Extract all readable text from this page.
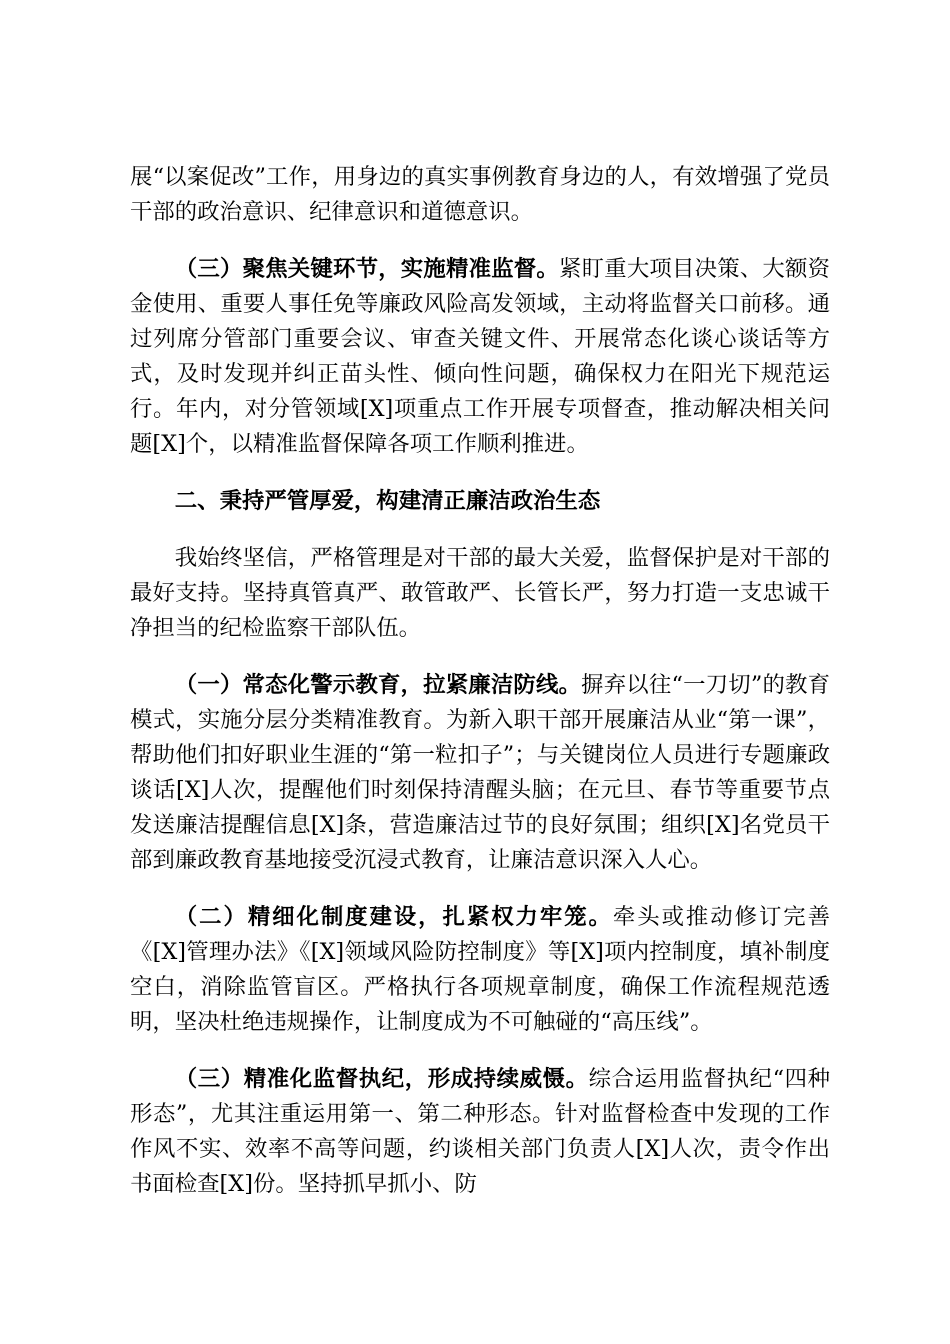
展“以案促改”工作，用身边的真实事例教育身边的人，有效增强了党员干部的政治意识、纪律意识和道德意识。

（三）聚焦关键环节，实施精准监督。紧盯重大项目决策、大额资金使用、重要人事任免等廉政风险高发领域，主动将监督关口前移。通过列席分管部门重要会议、审查关键文件、开展常态化谈心谈话等方式，及时发现并纠正苗头性、倾向性问题，确保权力在阳光下规范运行。年内，对分管领域[X]项重点工作开展专项督查，推动解决相关问题[X]个，以精准监督保障各项工作顺利推进。

二、秉持严管厚爱，构建清正廉洁政治生态

我始终坚信，严格管理是对干部的最大关爱，监督保护是对干部的最好支持。坚持真管真严、敢管敢严、长管长严，努力打造一支忠诚干净担当的纪检监察干部队伍。

（一）常态化警示教育，拉紧廉洁防线。摒弃以往“一刀切”的教育模式，实施分层分类精准教育。为新入职干部开展廉洁从业“第一课”，帮助他们扣好职业生涯的“第一粒扣子”；与关键岗位人员进行专题廉政谈话[X]人次，提醒他们时刻保持清醒头脑；在元旦、春节等重要节点发送廉洁提醒信息[X]条，营造廉洁过节的良好氛围；组织[X]名党员干部到廉政教育基地接受沉浸式教育，让廉洁意识深入人心。

（二）精细化制度建设，扎紧权力牢笼。牵头或推动修订完善《[X]管理办法》《[X]领域风险防控制度》等[X]项内控制度，填补制度空白，消除监管盲区。严格执行各项规章制度，确保工作流程规范透明，坚决杜绝违规操作，让制度成为不可触碰的“高压线”。

（三）精准化监督执纪，形成持续威慑。综合运用监督执纪“四种形态”，尤其注重运用第一、第二种形态。针对监督检查中发现的工作作风不实、效率不高等问题，约谈相关部门负责人[X]人次，责令作出书面检查[X]份。坚持抓早抓小、防
